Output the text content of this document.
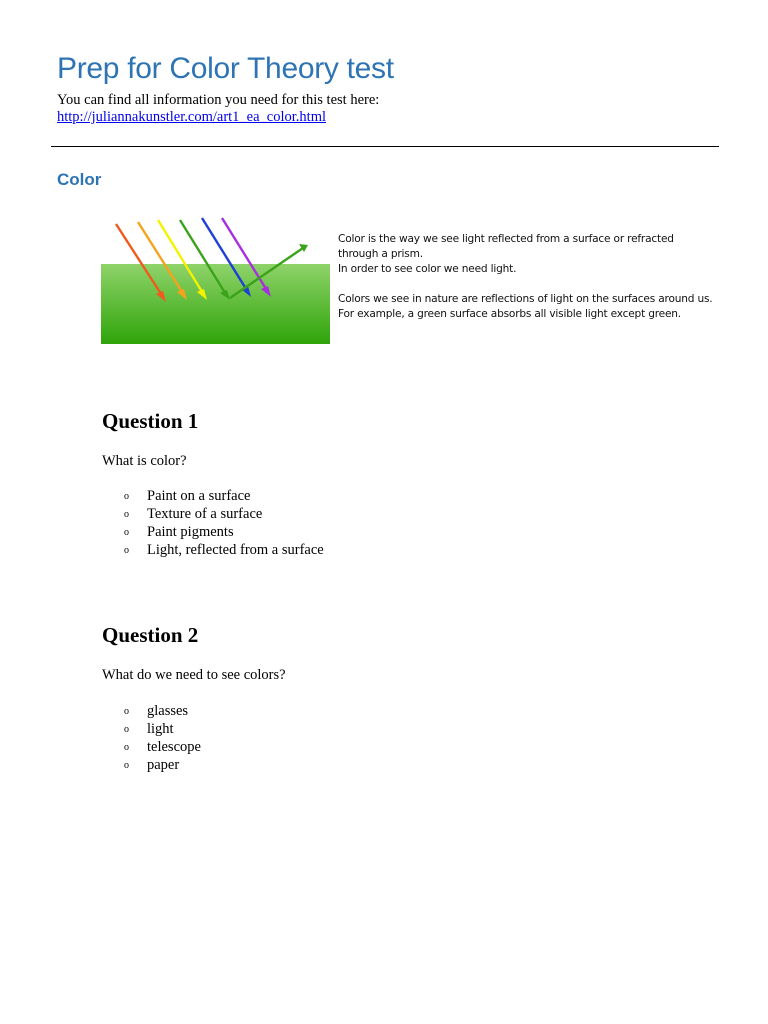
Prep for Color Theory test
You can find all information you need for this test here:
http://juliannakunstler.com/art1_ea_color.html
Color

Color is the way we see light reflected from a surface or refracted

through a prism.

In order to see color we need light.

Colors we see in nature are reflections of light on the surfaces around us.

For example, a green surface absorbs all visible light except green.

Question 1

What is color?

o Paint on a surface
o Texture of a surface
o Paint pigments
o Light, reflected from a surface
Question 2

What do we need to see colors?

o glasses
o light
o telescope
o paper
